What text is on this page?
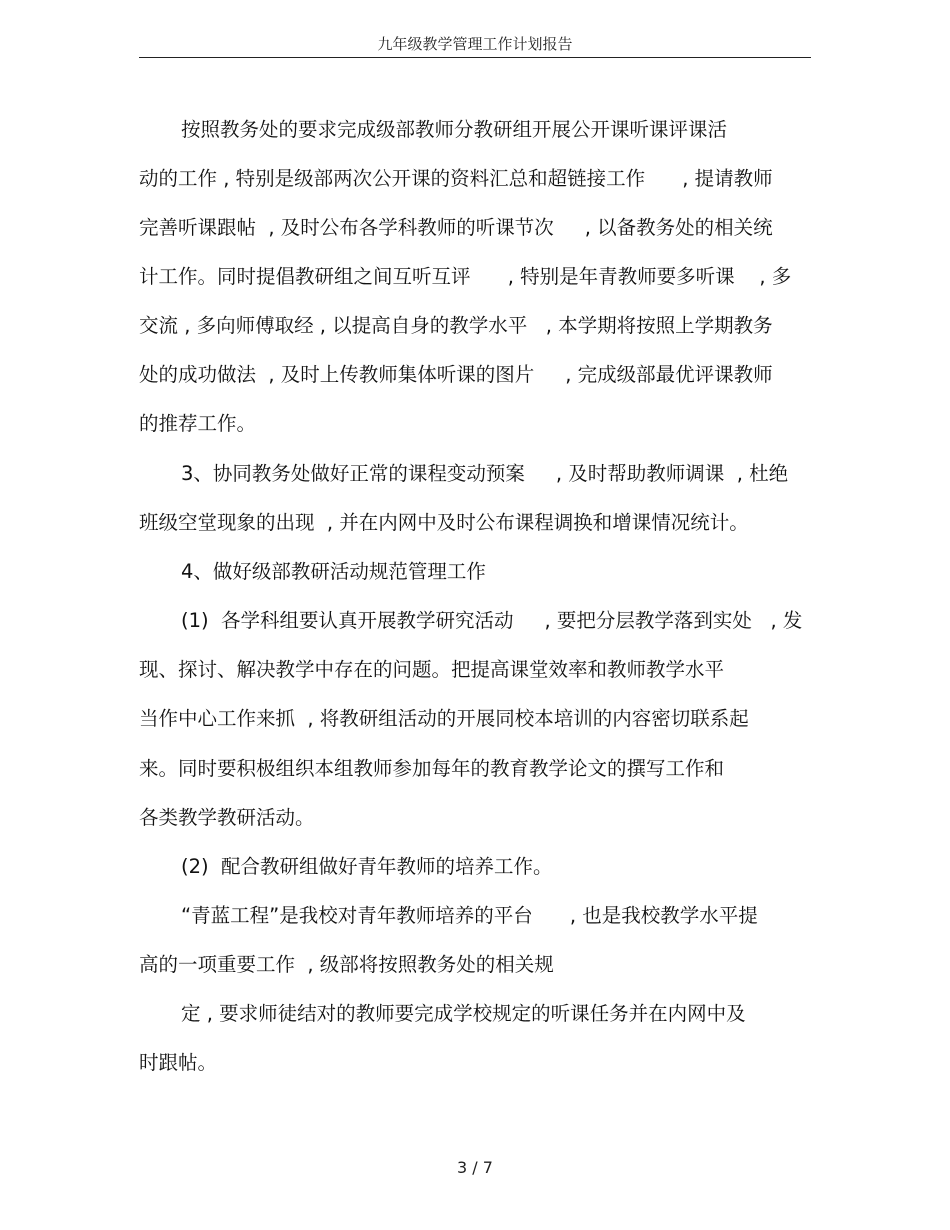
九年级教学管理工作计划报告
按照教务处的要求完成级部教师分教研组开展公开课听课评课活
动的工作 , 特别是级部两次公开课的资料汇总和超链接工作      , 提请教师
完善听课跟帖  , 及时公布各学科教师的听课节次     , 以备教务处的相关统
计工作。同时提倡教研组之间互听互评      , 特别是年青教师要多听课    , 多
交流 , 多向师傅取经 , 以提高自身的教学水平   , 本学期将按照上学期教务
处的成功做法  , 及时上传教师集体听课的图片     , 完成级部最优评课教师
的推荐工作。
3、协同教务处做好正常的课程变动预案     , 及时帮助教师调课  , 杜绝
班级空堂现象的出现  , 并在内网中及时公布课程调换和增课情况统计。
4、做好级部教研活动规范管理工作
(1)  各学科组要认真开展教学研究活动     , 要把分层教学落到实处   , 发
现、探讨、解决教学中存在的问题。把提高课堂效率和教师教学水平
当作中心工作来抓  , 将教研组活动的开展同校本培训的内容密切联系起
来。同时要积极组织本组教师参加每年的教育教学论文的撰写工作和
各类教学教研活动。
(2)  配合教研组做好青年教师的培养工作。
“青蓝工程”是我校对青年教师培养的平台      , 也是我校教学水平提
高的一项重要工作  , 级部将按照教务处的相关规
定 , 要求师徒结对的教师要完成学校规定的听课任务并在内网中及
时跟帖。
3 / 7
